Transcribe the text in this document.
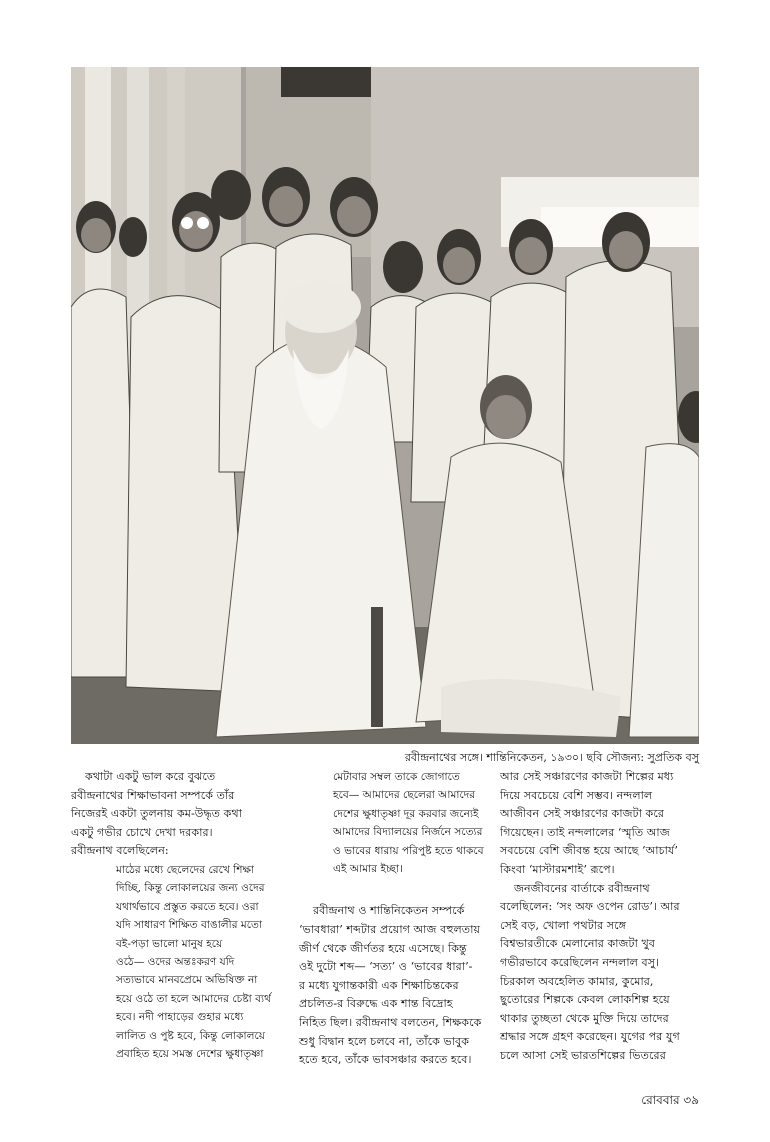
রবীন্দ্রনাথের সঙ্গে। শান্তিনিকেতন, ১৯৩০। ছবি সৌজন্য: সুপ্রতিক বসু

কথাটা একটু ভাল করে বুঝতে

রবীন্দ্রনাথের শিক্ষাভাবনা সম্পর্কে তাঁর

নিজেরই একটা তুলনায় কম-উদ্ধৃত কথা

একটু গভীর চোখে দেখা দরকার।

রবীন্দ্রনাথ বলেছিলেন:

মাঠের মধ্যে ছেলেদের রেখে শিক্ষা

দিচ্ছি, কিন্তু লোকালয়ের জন্য ওদের

যথার্থভাবে প্রস্তুত করতে হবে। ওরা

যদি সাধারণ শিক্ষিত বাঙালীর মতো

বই-পড়া ভালো মানুষ হয়ে

ওঠে— ওদের অন্তঃকরণ যদি

সত্যভাবে মানবপ্রেমে অভিষিক্ত না

হয়ে ওঠে তা হলে আমাদের চেষ্টা ব্যর্থ

হবে। নদী পাহাড়ের গুহার মধ্যে

লালিত ও পুষ্ট হবে, কিন্তু লোকালয়ে

প্রবাহিত হয়ে সমস্ত দেশের ক্ষুধাতৃষ্ণা

মেটাবার সম্বল তাকে জোগাতে

হবে— আমাদের ছেলেরা আমাদের

দেশের ক্ষুধাতৃষ্ণা দূর করবার জন্যেই

আমাদের বিদ্যালয়ের নির্জনে সত্যের

ও ভাবের ধারায় পরিপুষ্ট হতে থাকবে

এই আমার ইচ্ছা।

রবীন্দ্রনাথ ও শান্তিনিকেতন সম্পর্কে

‘ভাবধারা’ শব্দটার প্রয়োগ আজ বহুলতায়

জীর্ণ থেকে জীর্ণতর হয়ে এসেছে। কিন্তু

ওই দুটো শব্দ— ‘সত্য’ ও ‘ভাবের ধারা’-

র মধ্যে যুগান্তকারী এক শিক্ষাচিন্তকের

প্রচলিত-র বিরুদ্ধে এক শান্ত বিদ্রোহ

নিহিত ছিল। রবীন্দ্রনাথ বলতেন, শিক্ষককে

শুধু বিদ্বান হলে চলবে না, তাঁকে ভাবুক

হতে হবে, তাঁকে ভাবসঞ্চার করতে হবে।

আর সেই সঞ্চারণের কাজটা শিল্পের মধ্য

দিয়ে সবচেয়ে বেশি সম্ভব। নন্দলাল

আজীবন সেই সঞ্চারণের কাজটা করে

গিয়েছেন। তাই নন্দলালের ‘স্মৃতি আজ

সবচেয়ে বেশি জীবন্ত হয়ে আছে ‘আচার্য’

কিংবা ‘মাস্টারমশাই’ রূপে।

জনজীবনের বার্তাকে রবীন্দ্রনাথ

বলেছিলেন: ‘সং অফ ওপেন রোড’। আর

সেই বড়, খোলা পথটার সঙ্গে

বিশ্বভারতীকে মেলানোর কাজটা খুব

গভীরভাবে করেছিলেন নন্দলাল বসু।

চিরকাল অবহেলিত কামার, কুমোর,

ছুতোরের শিল্পকে কেবল লোকশিল্প হয়ে

থাকার তুচ্ছতা থেকে মুক্তি দিয়ে তাদের

শ্রদ্ধার সঙ্গে গ্রহণ করেছেন। যুগের পর যুগ

চলে আসা সেই ভারতশিল্পের ভিতরের

রোববার ৩৯
